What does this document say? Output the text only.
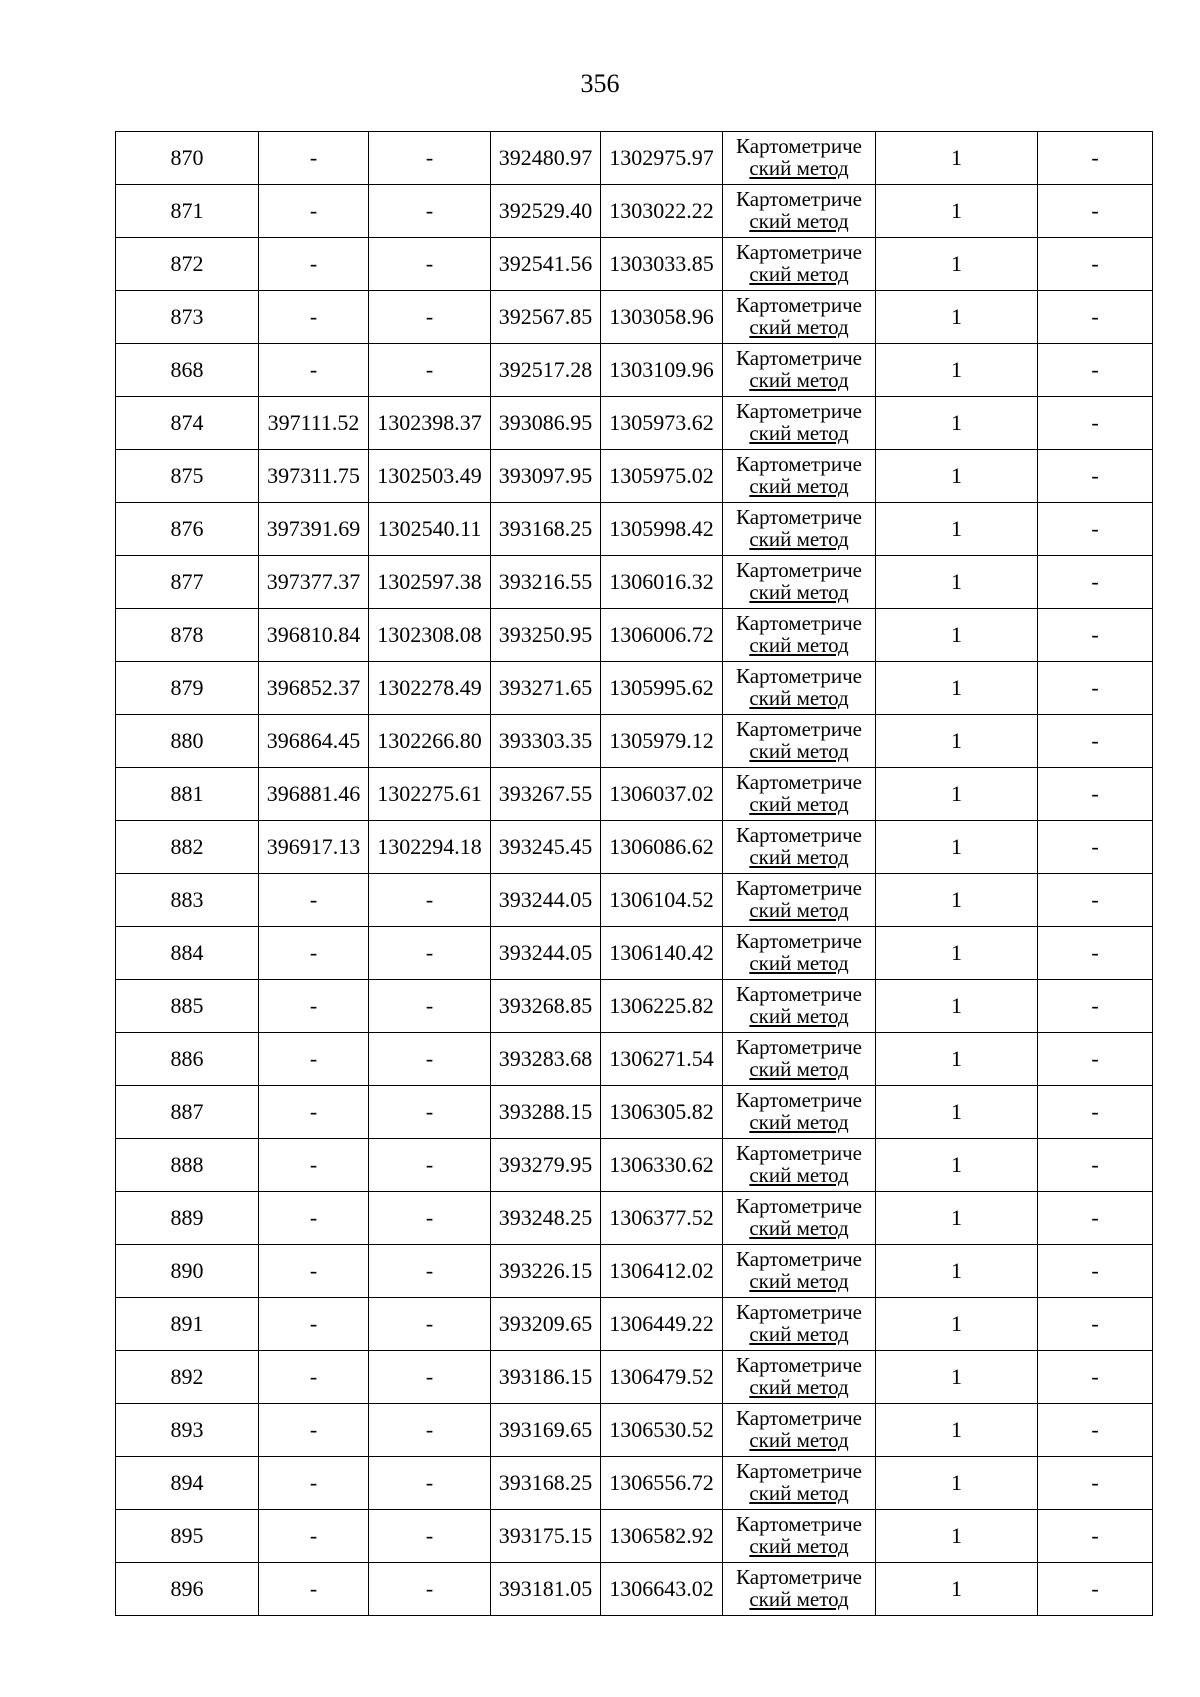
356
870	-	-	392480.97	1302975.97	Картометриче
ский метод	1	-
871	-	-	392529.40	1303022.22	Картометриче
ский метод	1	-
872	-	-	392541.56	1303033.85	Картометриче
ский метод	1	-
873	-	-	392567.85	1303058.96	Картометриче
ский метод	1	-
868	-	-	392517.28	1303109.96	Картометриче
ский метод	1	-
874	397111.52	1302398.37	393086.95	1305973.62	Картометриче
ский метод	1	-
875	397311.75	1302503.49	393097.95	1305975.02	Картометриче
ский метод	1	-
876	397391.69	1302540.11	393168.25	1305998.42	Картометриче
ский метод	1	-
877	397377.37	1302597.38	393216.55	1306016.32	Картометриче
ский метод	1	-
878	396810.84	1302308.08	393250.95	1306006.72	Картометриче
ский метод	1	-
879	396852.37	1302278.49	393271.65	1305995.62	Картометриче
ский метод	1	-
880	396864.45	1302266.80	393303.35	1305979.12	Картометриче
ский метод	1	-
881	396881.46	1302275.61	393267.55	1306037.02	Картометриче
ский метод	1	-
882	396917.13	1302294.18	393245.45	1306086.62	Картометриче
ский метод	1	-
883	-	-	393244.05	1306104.52	Картометриче
ский метод	1	-
884	-	-	393244.05	1306140.42	Картометриче
ский метод	1	-
885	-	-	393268.85	1306225.82	Картометриче
ский метод	1	-
886	-	-	393283.68	1306271.54	Картометриче
ский метод	1	-
887	-	-	393288.15	1306305.82	Картометриче
ский метод	1	-
888	-	-	393279.95	1306330.62	Картометриче
ский метод	1	-
889	-	-	393248.25	1306377.52	Картометриче
ский метод	1	-
890	-	-	393226.15	1306412.02	Картометриче
ский метод	1	-
891	-	-	393209.65	1306449.22	Картометриче
ский метод	1	-
892	-	-	393186.15	1306479.52	Картометриче
ский метод	1	-
893	-	-	393169.65	1306530.52	Картометриче
ский метод	1	-
894	-	-	393168.25	1306556.72	Картометриче
ский метод	1	-
895	-	-	393175.15	1306582.92	Картометриче
ский метод	1	-
896	-	-	393181.05	1306643.02	Картометриче
ский метод	1	-
